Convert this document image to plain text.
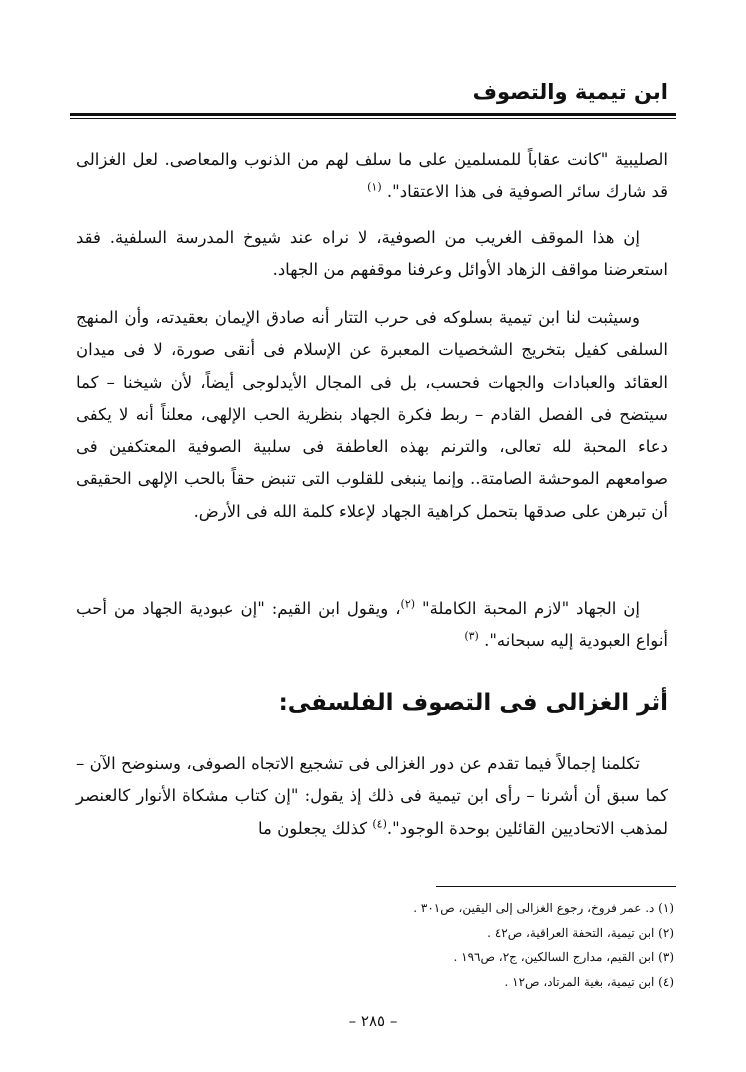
ابن تيمية والتصوف
الصليبية "كانت عقاباً للمسلمين على ما سلف لهم من الذنوب والمعاصى. لعل الغزالى قد شارك سائر الصوفية فى هذا الاعتقاد". $^{(١)}$
إن هذا الموقف الغريب من الصوفية، لا نراه عند شيوخ المدرسة السلفية. فقد استعرضنا مواقف الزهاد الأوائل وعرفنا موقفهم من الجهاد.
وسيثبت لنا ابن تيمية بسلوكه فى حرب التتار أنه صادق الإيمان بعقيدته، وأن المنهج السلفى كفيل بتخريج الشخصيات المعبرة عن الإسلام فى أنقى صورة، لا فى ميدان العقائد والعبادات والجهات فحسب، بل فى المجال الأيدلوجى أيضاً، لأن شيخنا – كما سيتضح فى الفصل القادم – ربط فكرة الجهاد بنظرية الحب الإلهى، معلناً أنه لا يكفى دعاء المحبة لله تعالى، والترنم بهذه العاطفة فى سلبية الصوفية المعتكفين فى صوامعهم الموحشة الصامتة.. وإنما ينبغى للقلوب التى تنبض حقاً بالحب الإلهى الحقيقى أن تبرهن على صدقها بتحمل كراهية الجهاد لإعلاء كلمة الله فى الأرض.
إن الجهاد "لازم المحبة الكاملة" $^{(٢)}$، ويقول ابن القيم: "إن عبودية الجهاد من أحب أنواع العبودية إليه سبحانه". $^{(٣)}$
أثر الغزالى فى التصوف الفلسفى:
تكلمنا إجمالاً فيما تقدم عن دور الغزالى فى تشجيع الاتجاه الصوفى، وسنوضح الآن – كما سبق أن أشرنا – رأى ابن تيمية فى ذلك إذ يقول: "إن كتاب مشكاة الأنوار كالعنصر لمذهب الاتحاديين القائلين بوحدة الوجود".$^{(٤)}$ كذلك يجعلون ما
(١) د. عمر فروخ، رجوع الغزالى إلى اليقين، ص٣٠١ .
(٢) ابن تيمية، التحفة العراقية، ص٤٢ .
(٣) ابن القيم، مدارج السالكين، ج٢، ص١٩٦ .
(٤) ابن تيمية، بغية المرتاد، ص١٢ .
– ٢٨٥ –
